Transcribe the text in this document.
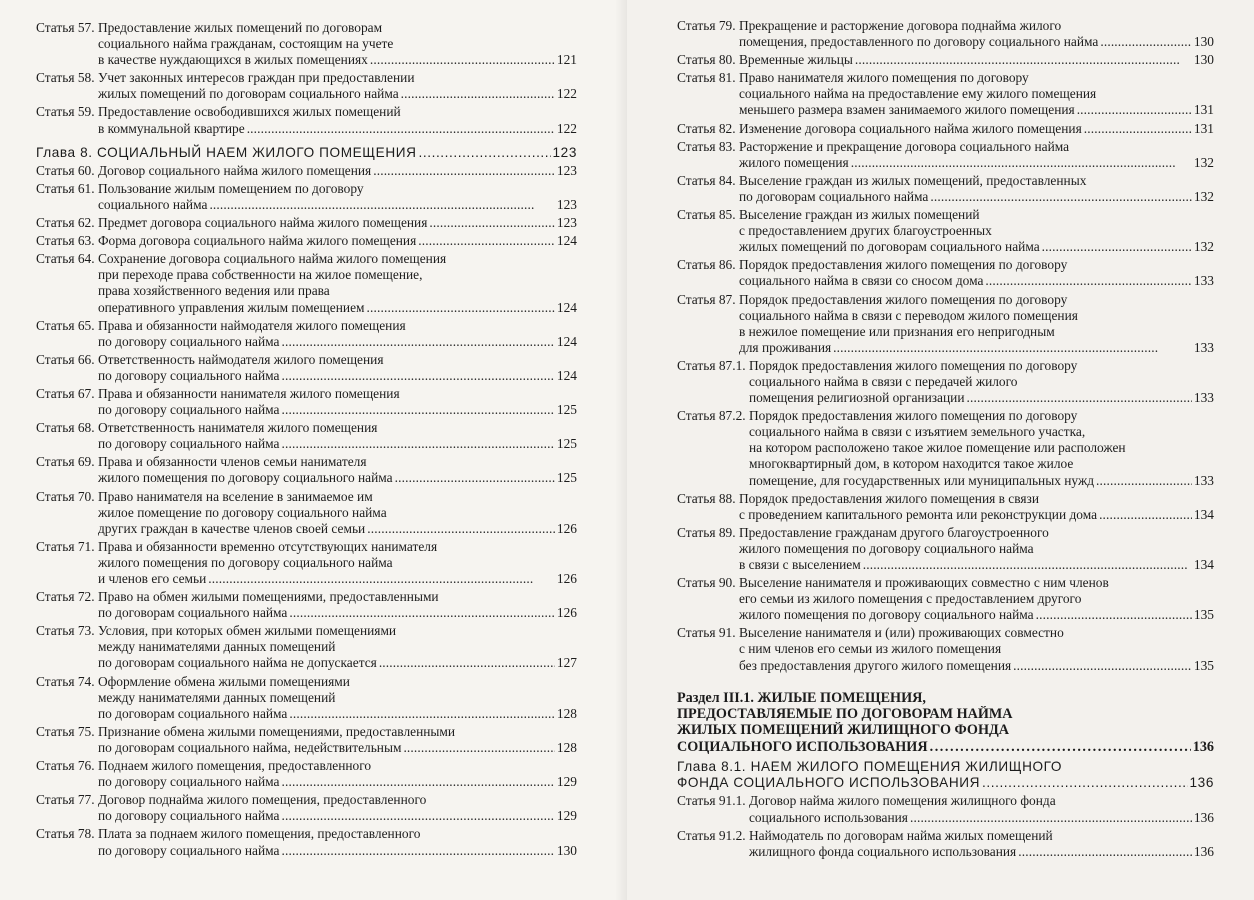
Статья 57. Предоставление жилых помещений по договорам
социального найма гражданам, состоящим на учете
в качестве нуждающихся в жилых помещениях . . .	121
Статья 58. Учет законных интересов граждан при предоставлении
жилых помещений по договорам социального найма . . .	122
Статья 59. Предоставление освободившихся жилых помещений
в коммунальной квартире . . .	122
Глава 8. СОЦИАЛЬНЫЙ НАЕМ ЖИЛОГО ПОМЕЩЕНИЯ . . .	123
Статья 60. Договор социального найма жилого помещения . . .	123
Статья 61. Пользование жилым помещением по договору
социального найма . . .	123
Статья 62. Предмет договора социального найма жилого помещения . . .	123
Статья 63. Форма договора социального найма жилого помещения . . .	124
Статья 64. Сохранение договора социального найма жилого помещения
при переходе права собственности на жилое помещение,
права хозяйственного ведения или права
оперативного управления жилым помещением . . .	124
Статья 65. Права и обязанности наймодателя жилого помещения
по договору социального найма . . .	124
Статья 66. Ответственность наймодателя жилого помещения
по договору социального найма . . .	124
Статья 67. Права и обязанности нанимателя жилого помещения
по договору социального найма . . .	125
Статья 68. Ответственность нанимателя жилого помещения
по договору социального найма . . .	125
Статья 69. Права и обязанности членов семьи нанимателя
жилого помещения по договору социального найма . . .	125
Статья 70. Право нанимателя на вселение в занимаемое им
жилое помещение по договору социального найма
других граждан в качестве членов своей семьи . . .	126
Статья 71. Права и обязанности временно отсутствующих нанимателя
жилого помещения по договору социального найма
и членов его семьи . . .	126
Статья 72. Право на обмен жилыми помещениями, предоставленными
по договорам социального найма . . .	126
Статья 73. Условия, при которых обмен жилыми помещениями
между нанимателями данных помещений
по договорам социального найма не допускается . . .	127
Статья 74. Оформление обмена жилыми помещениями
между нанимателями данных помещений
по договорам социального найма . . .	128
Статья 75. Признание обмена жилыми помещениями, предоставленными
по договорам социального найма, недействительным . . .	128
Статья 76. Поднаем жилого помещения, предоставленного
по договору социального найма . . .	129
Статья 77. Договор поднайма жилого помещения, предоставленного
по договору социального найма . . .	129
Статья 78. Плата за поднаем жилого помещения, предоставленного
по договору социального найма . . .	130
Статья 79. Прекращение и расторжение договора поднайма жилого
помещения, предоставленного по договору социального найма . . .	130
Статья 80. Временные жильцы . . .	130
Статья 81. Право нанимателя жилого помещения по договору
социального найма на предоставление ему жилого помещения
меньшего размера взамен занимаемого жилого помещения . . .	131
Статья 82. Изменение договора социального найма жилого помещения . . .	131
Статья 83. Расторжение и прекращение договора социального найма
жилого помещения . . .	132
Статья 84. Выселение граждан из жилых помещений, предоставленных
по договорам социального найма . . .	132
Статья 85. Выселение граждан из жилых помещений
с предоставлением других благоустроенных
жилых помещений по договорам социального найма . . .	132
Статья 86. Порядок предоставления жилого помещения по договору
социального найма в связи со сносом дома . . .	133
Статья 87. Порядок предоставления жилого помещения по договору
социального найма в связи с переводом жилого помещения
в нежилое помещение или признания его непригодным
для проживания . . .	133
Статья 87.1. Порядок предоставления жилого помещения по договору
социального найма в связи с передачей жилого
помещения религиозной организации . . .	133
Статья 87.2. Порядок предоставления жилого помещения по договору
социального найма в связи с изъятием земельного участка,
на котором расположено такое жилое помещение или расположен
многоквартирный дом, в котором находится такое жилое
помещение, для государственных или муниципальных нужд . . .	133
Статья 88. Порядок предоставления жилого помещения в связи
с проведением капитального ремонта или реконструкции дома . . .	134
Статья 89. Предоставление гражданам другого благоустроенного
жилого помещения по договору социального найма
в связи с выселением . . .	134
Статья 90. Выселение нанимателя и проживающих совместно с ним членов
его семьи из жилого помещения с предоставлением другого
жилого помещения по договору социального найма . . .	135
Статья 91. Выселение нанимателя и (или) проживающих совместно
с ним членов его семьи из жилого помещения
без предоставления другого жилого помещения . . .	135
Раздел III.1. ЖИЛЫЕ ПОМЕЩЕНИЯ,
ПРЕДОСТАВЛЯЕМЫЕ ПО ДОГОВОРАМ НАЙМА
ЖИЛЫХ ПОМЕЩЕНИЙ ЖИЛИЩНОГО ФОНДА
СОЦИАЛЬНОГО ИСПОЛЬЗОВАНИЯ . . .	136
Глава 8.1. НАЕМ ЖИЛОГО ПОМЕЩЕНИЯ ЖИЛИЩНОГО
ФОНДА СОЦИАЛЬНОГО ИСПОЛЬЗОВАНИЯ . . .	136
Статья 91.1. Договор найма жилого помещения жилищного фонда
социального использования . . .	136
Статья 91.2. Наймодатель по договорам найма жилых помещений
жилищного фонда социального использования . . .	136
